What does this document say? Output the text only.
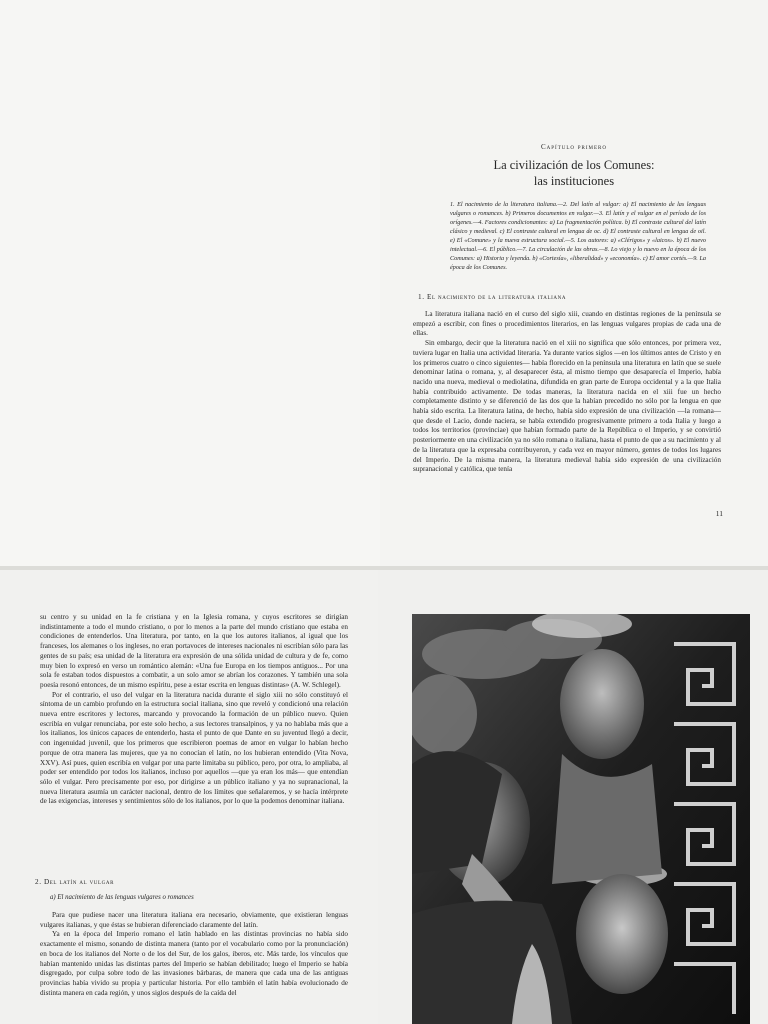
Capítulo primero
La civilización de los Comunes:
las instituciones
1. El nacimiento de la literatura italiana.—2. Del latín al vulgar: a) El nacimiento de las lenguas vulgares o romances. b) Primeros documentos en vulgar.—3. El latín y el vulgar en el período de los orígenes.—4. Factores condicionantes: a) La fragmentación política. b) El contraste cultural del latín clásico y medieval. c) El contraste cultural en lengua de oc. d) El contraste cultural en lengua de oil. e) El «Comune» y la nueva estructura social.—5. Los autores: a) «Clérigos» y «laicos». b) El nuevo intelectual.—6. El público.—7. La circulación de las obras.—8. Lo viejo y lo nuevo en la época de los Comunes: a) Historia y leyenda. b) «Cortesía», «liberalidad» y «economía». c) El amor cortés.—9. La época de los Comunes.
1. El nacimiento de la literatura italiana

La literatura italiana nació en el curso del siglo xiii, cuando en distintas regiones de la península se empezó a escribir, con fines o procedimientos literarios, en las lenguas vulgares propias de cada una de ellas.

Sin embargo, decir que la literatura nació en el xiii no significa que sólo entonces, por primera vez, tuviera lugar en Italia una actividad literaria. Ya durante varios siglos —en los últimos antes de Cristo y en los primeros cuatro o cinco siguientes— había florecido en la península una literatura en latín que se suele denominar latina o romana, y, al desaparecer ésta, al mismo tiempo que desaparecía el Imperio, había nacido una nueva, medieval o mediolatina, difundida en gran parte de Europa occidental y a la que Italia había contribuido activamente. De todas maneras, la literatura nacida en el xiii fue un hecho completamente distinto y se diferenció de las dos que la habían precedido no sólo por la lengua en que había sido escrita. La literatura latina, de hecho, había sido expresión de una civilización —la romana— que desde el Lacio, donde naciera, se había extendido progresivamente primero a toda Italia y luego a todos los territorios (provinciae) que habían formado parte de la República o el Imperio, y se convirtió posteriormente en una civilización ya no sólo romana o italiana, hasta el punto de que a su nacimiento y al de la literatura que la expresaba contribuyeron, y cada vez en mayor número, gentes de todos los lugares del Imperio. De la misma manera, la literatura medieval había sido expresión de una civilización supranacional y católica, que tenía

11

su centro y su unidad en la fe cristiana y en la Iglesia romana, y cuyos escritores se dirigían indistintamente a todo el mundo cristiano, o por lo menos a la parte del mundo cristiano que estaba en condiciones de entenderlos. Una literatura, por tanto, en la que los autores italianos, al igual que los franceses, los alemanes o los ingleses, no eran portavoces de intereses nacionales ni escribían sólo para las gentes de su país; esa unidad de la literatura era expresión de una sólida unidad de cultura y de fe, como muy bien lo expresó en verso un romántico alemán: «Una fue Europa en los tiempos antiguos... Por una sola fe estaban todos dispuestos a combatir, a un solo amor se abrían los corazones. Y también una sola poesía resonó entonces, de un mismo espíritu, pese a estar escrita en lenguas distintas» (A. W. Schlegel).

Por el contrario, el uso del vulgar en la literatura nacida durante el siglo xiii no sólo constituyó el síntoma de un cambio profundo en la estructura social italiana, sino que reveló y condicionó una relación nueva entre escritores y lectores, marcando y provocando la formación de un público nuevo. Quien escribía en vulgar renunciaba, por este solo hecho, a sus lectores transalpinos, y ya no hablaba más que a los italianos, los únicos capaces de entenderlo, hasta el punto de que Dante en su juventud llegó a decir, con ingenuidad juvenil, que los primeros que escribieron poemas de amor en vulgar lo habían hecho porque de otra manera las mujeres, que ya no conocían el latín, no los hubieran entendido (Vita Nova, XXV). Así pues, quien escribía en vulgar por una parte limitaba su público, pero, por otra, lo ampliaba, al poder ser entendido por todos los italianos, incluso por aquellos —que ya eran los más— que entendían sólo el vulgar. Pero precisamente por eso, por dirigirse a un público italiano y ya no supranacional, la nueva literatura asumía un carácter nacional, dentro de los límites que señalaremos, y se hacía intérprete de las exigencias, intereses y sentimientos sólo de los italianos, por lo que la podemos denominar italiana.

2. Del latín al vulgar
a) El nacimiento de las lenguas vulgares o romances

Para que pudiese nacer una literatura italiana era necesario, obviamente, que existieran lenguas vulgares italianas, y que éstas se hubieran diferenciado claramente del latín.

Ya en la época del Imperio romano el latín hablado en las distintas provincias no había sido exactamente el mismo, sonando de distinta manera (tanto por el vocabulario como por la pronunciación) en boca de los italianos del Norte o de los del Sur, de los galos, iberos, etc. Más tarde, los vínculos que habían mantenido unidas las distintas partes del Imperio se habían debilitado; luego el Imperio se había disgregado, por culpa sobre todo de las invasiones bárbaras, de manera que cada una de las antiguas provincias había vivido su propia y particular historia. Por ello también el latín había evolucionado de distinta manera en cada región, y unos siglos después de la caída del
